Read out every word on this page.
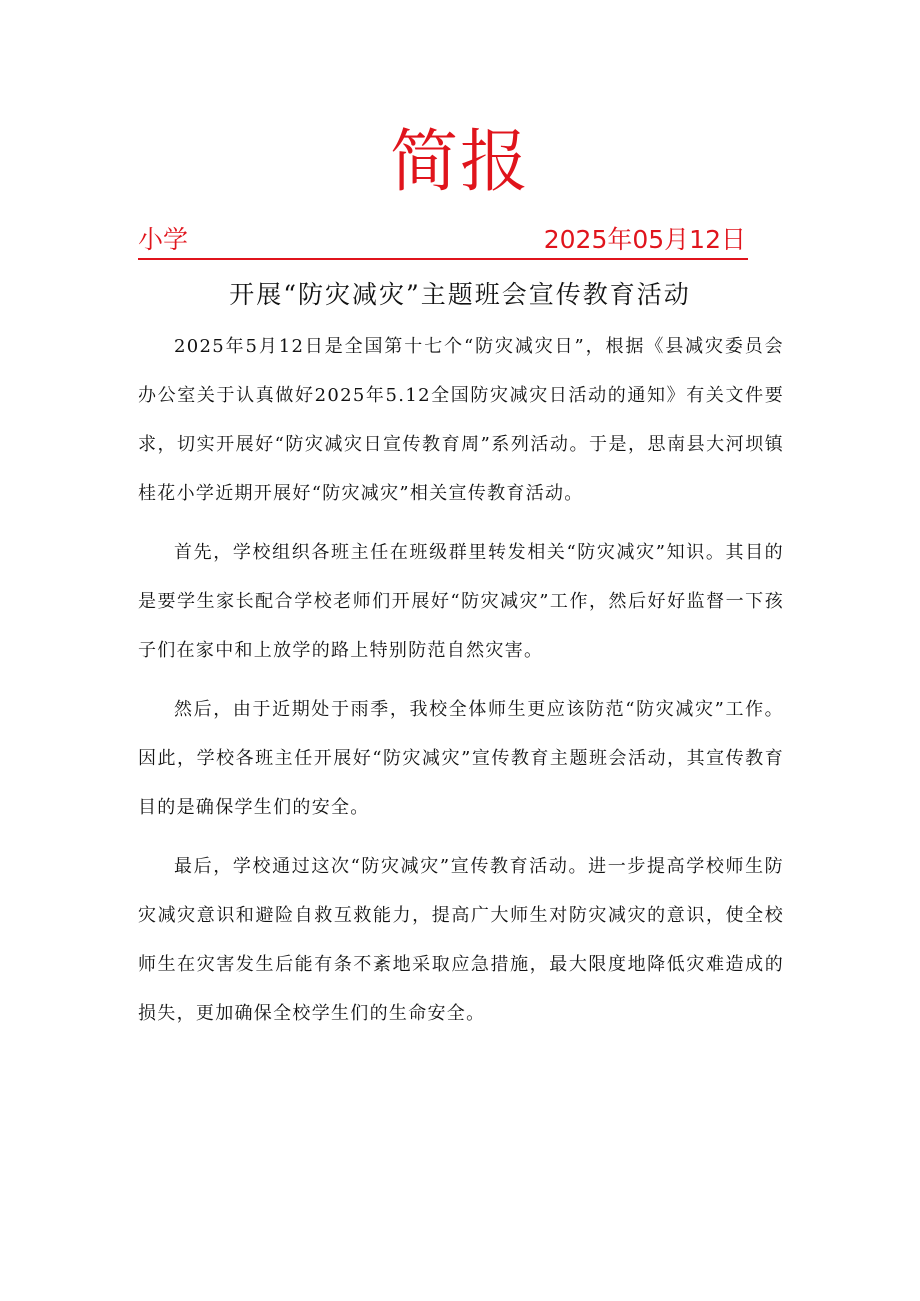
简报
小学	2025年05月12日
开展“防灾减灾”主题班会宣传教育活动

2025年5月12日是全国第十七个“防灾减灾日”，根据《县减灾委员会办公室关于认真做好2025年5.12全国防灾减灾日活动的通知》有关文件要求，切实开展好“防灾减灾日宣传教育周”系列活动。于是，思南县大河坝镇桂花小学近期开展好“防灾减灾”相关宣传教育活动。

首先，学校组织各班主任在班级群里转发相关“防灾减灾”知识。其目的是要学生家长配合学校老师们开展好“防灾减灾”工作，然后好好监督一下孩子们在家中和上放学的路上特别防范自然灾害。

然后，由于近期处于雨季，我校全体师生更应该防范“防灾减灾”工作。因此，学校各班主任开展好“防灾减灾”宣传教育主题班会活动，其宣传教育目的是确保学生们的安全。

最后，学校通过这次“防灾减灾”宣传教育活动。进一步提高学校师生防灾减灾意识和避险自救互救能力，提高广大师生对防灾减灾的意识，使全校师生在灾害发生后能有条不紊地采取应急措施，最大限度地降低灾难造成的损失，更加确保全校学生们的生命安全。
